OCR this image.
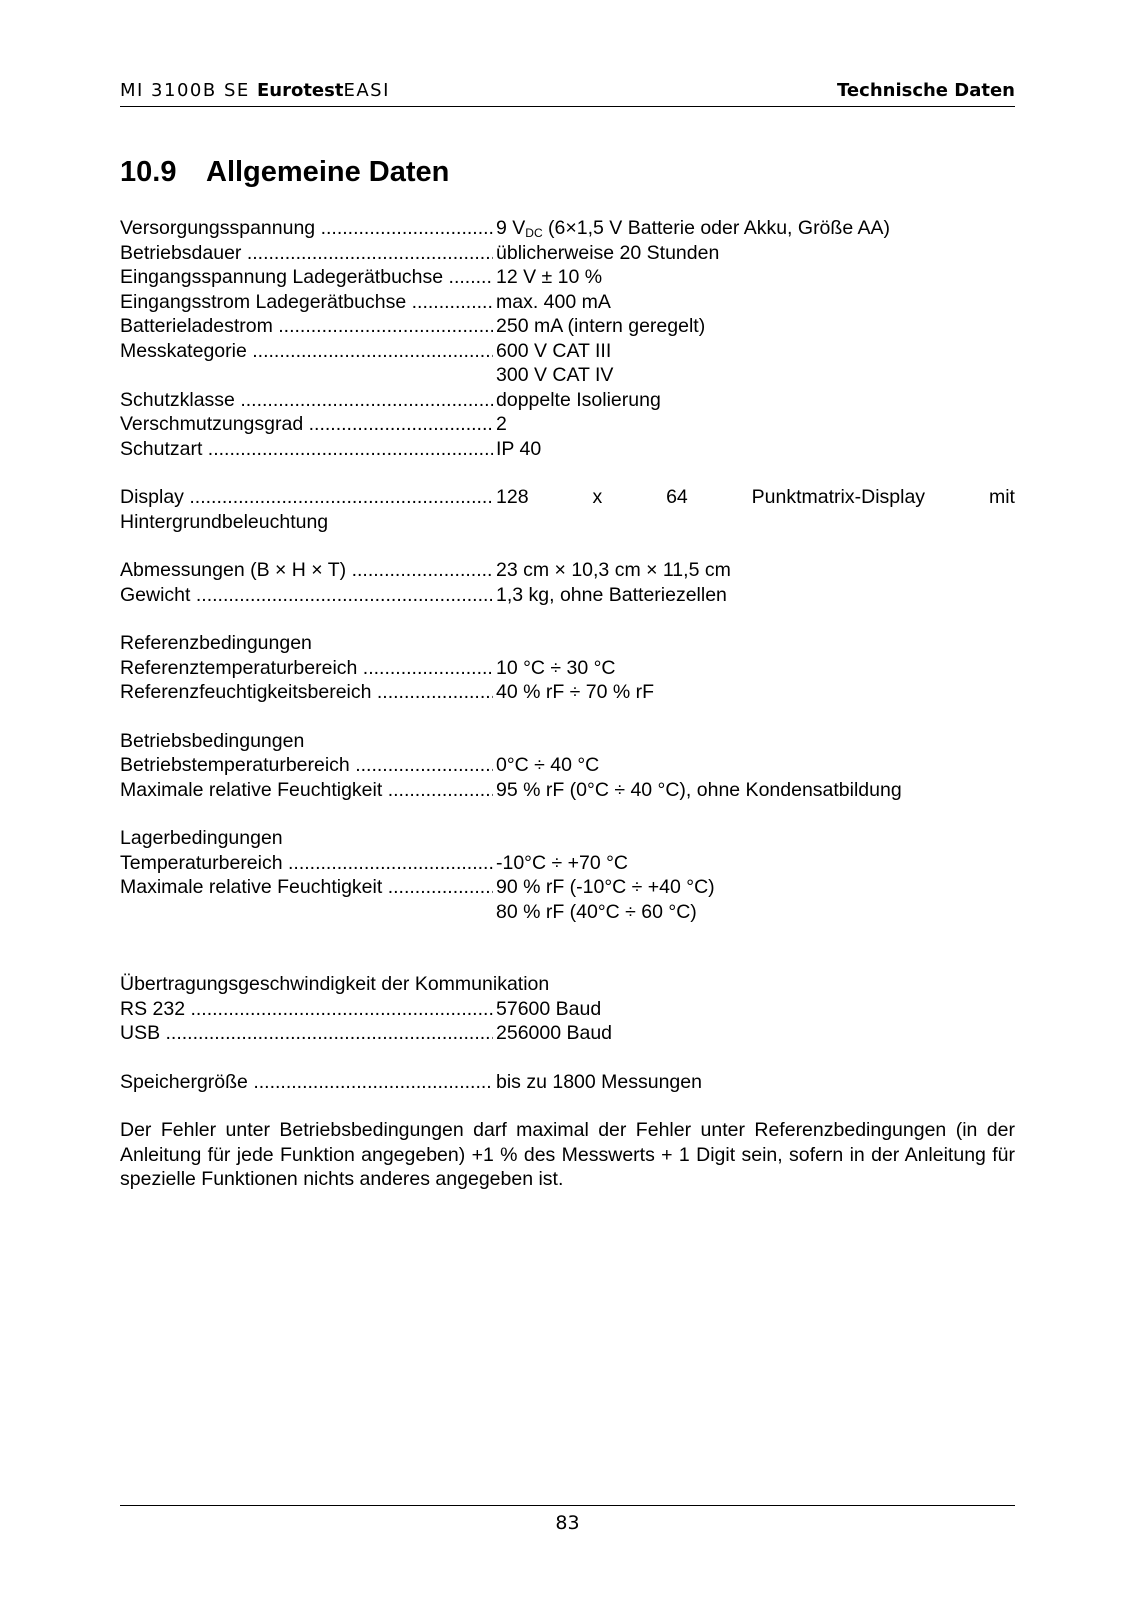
MI 3100B SE EurotestEASI	Technische Daten
10.9 Allgemeine Daten
Versorgungsspannung .....	9 $V_{DC}$ (6×1,5 V Batterie oder Akku, Größe AA)
Betriebsdauer .....	üblicherweise 20 Stunden
Eingangsspannung Ladegerätbuchse .....	12 V ± 10 %
Eingangsstrom Ladegerätbuchse .....	max. 400 mA
Batterieladestrom .....	250 mA (intern geregelt)
Messkategorie .....	600 V CAT III
300 V CAT IV
Schutzklasse .....	doppelte Isolierung
Verschmutzungsgrad .....	2
Schutzart .....	IP 40
Display .....	128	x	64	Punktmatrix-Display	mit
Hintergrundbeleuchtung
Abmessungen (B × H × T) .....	23 cm × 10,3 cm × 11,5 cm
Gewicht .....	1,3 kg, ohne Batteriezellen
Referenzbedingungen
Referenztemperaturbereich .....	10 °C ÷ 30 °C
Referenzfeuchtigkeitsbereich .....	40 % rF ÷ 70 % rF
Betriebsbedingungen
Betriebstemperaturbereich .....	0°C ÷ 40 °C
Maximale relative Feuchtigkeit .....	95 % rF (0°C ÷ 40 °C), ohne Kondensatbildung
Lagerbedingungen
Temperaturbereich .....	-10°C ÷ +70 °C
Maximale relative Feuchtigkeit .....	90 % rF (-10°C ÷ +40 °C)
80 % rF (40°C ÷ 60 °C)
Übertragungsgeschwindigkeit der Kommunikation
RS 232 .....	57600 Baud
USB .....	256000 Baud
Speichergröße .....	bis zu 1800 Messungen
Der Fehler unter Betriebsbedingungen darf maximal der Fehler unter Referenzbedingungen (in der Anleitung für jede Funktion angegeben) +1 % des Messwerts + 1 Digit sein, sofern in der Anleitung für spezielle Funktionen nichts anderes angegeben ist.
83
